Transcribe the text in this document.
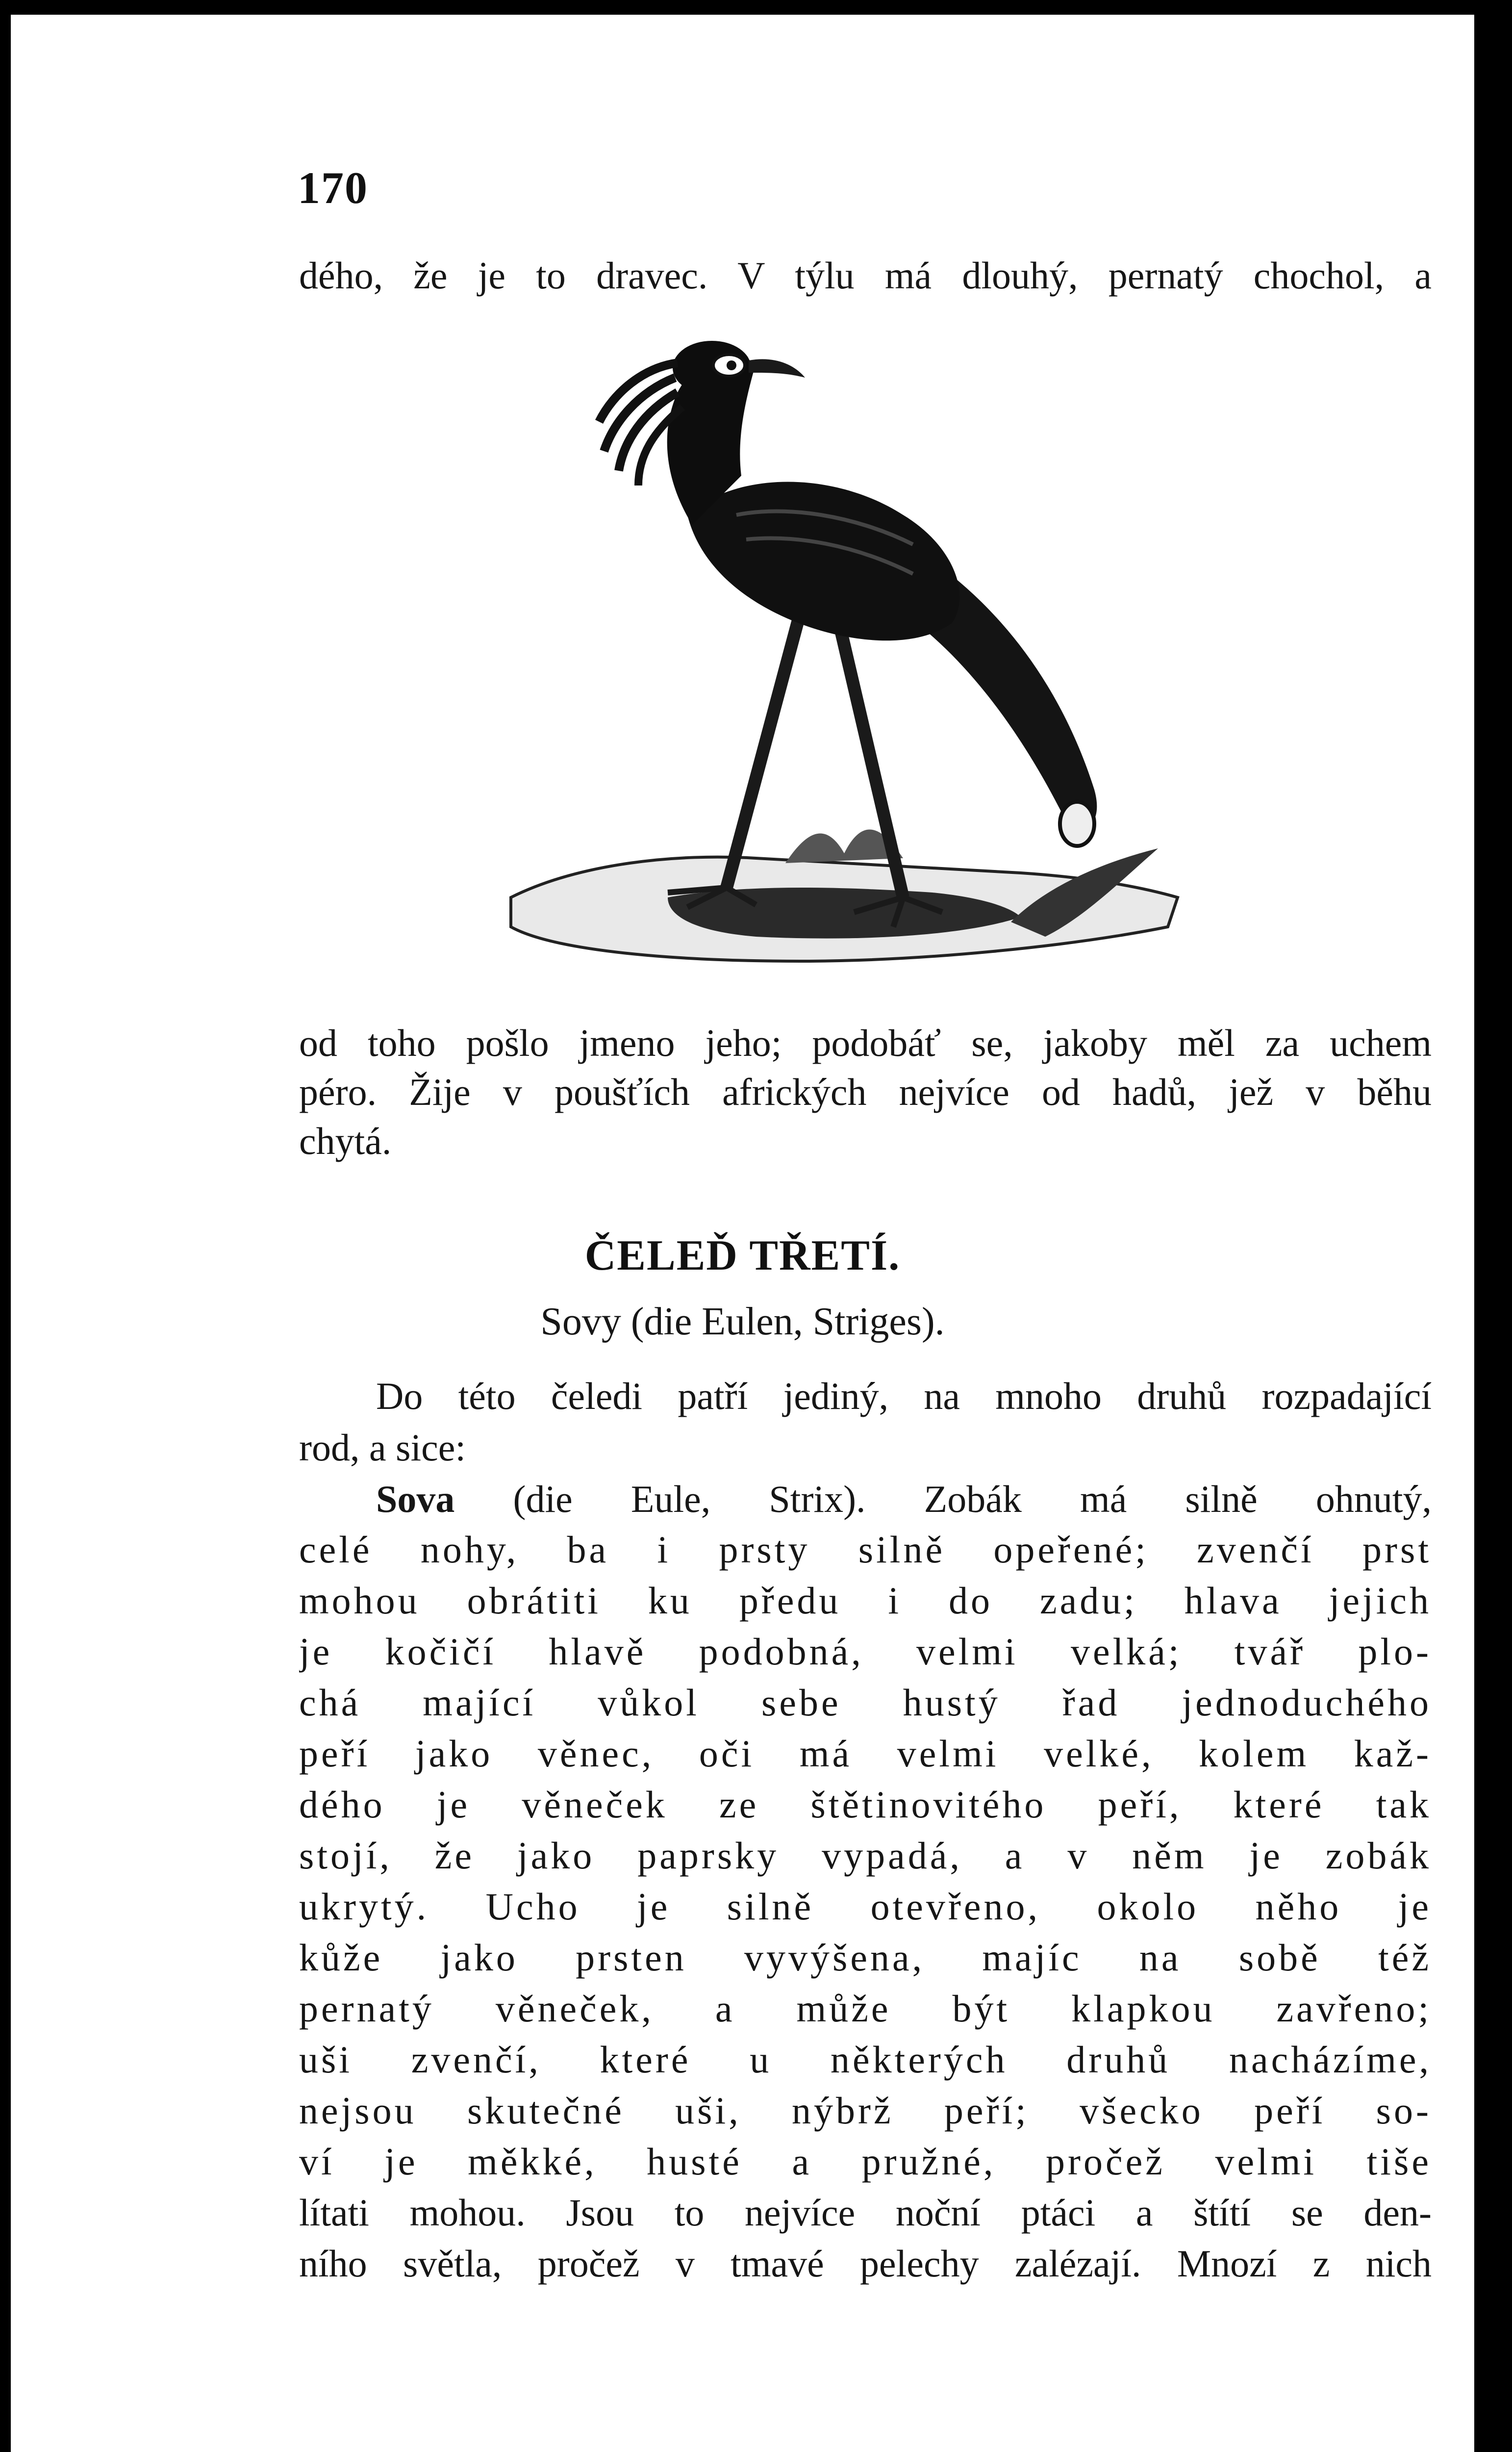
170
dého, že je to dravec. V týlu má dlouhý, pernatý chochol, a
od toho pošlo jmeno jeho; podobáť se, jakoby měl za uchem
péro. Žije v poušťích afrických nejvíce od hadů, jež v běhu
chytá.
ČELEĎ TŘETÍ.
Sovy (die Eulen, Striges).
Do této čeledi patří jediný, na mnoho druhů rozpadající
rod, a sice:
Sova (die Eule, Strix). Zobák má silně ohnutý,
celé nohy, ba i prsty silně opeřené; zvenčí prst
mohou obrátiti ku předu i do zadu; hlava jejich
je kočičí hlavě podobná, velmi velká; tvář plo-
chá mající vůkol sebe hustý řad jednoduchého
peří jako věnec, oči má velmi velké, kolem kaž-
dého je věneček ze štětinovitého peří, které tak
stojí, že jako paprsky vypadá, a v něm je zobák
ukrytý. Ucho je silně otevřeno, okolo něho je
kůže jako prsten vyvýšena, majíc na sobě též
pernatý věneček, a může být klapkou zavřeno;
uši zvenčí, které u některých druhů nacházíme,
nejsou skutečné uši, nýbrž peří; všecko peří so-
ví je měkké, husté a pružné, pročež velmi tiše
lítati mohou. Jsou to nejvíce noční ptáci a štítí se den-
ního světla, pročež v tmavé pelechy zalézají. Mnozí z nich
